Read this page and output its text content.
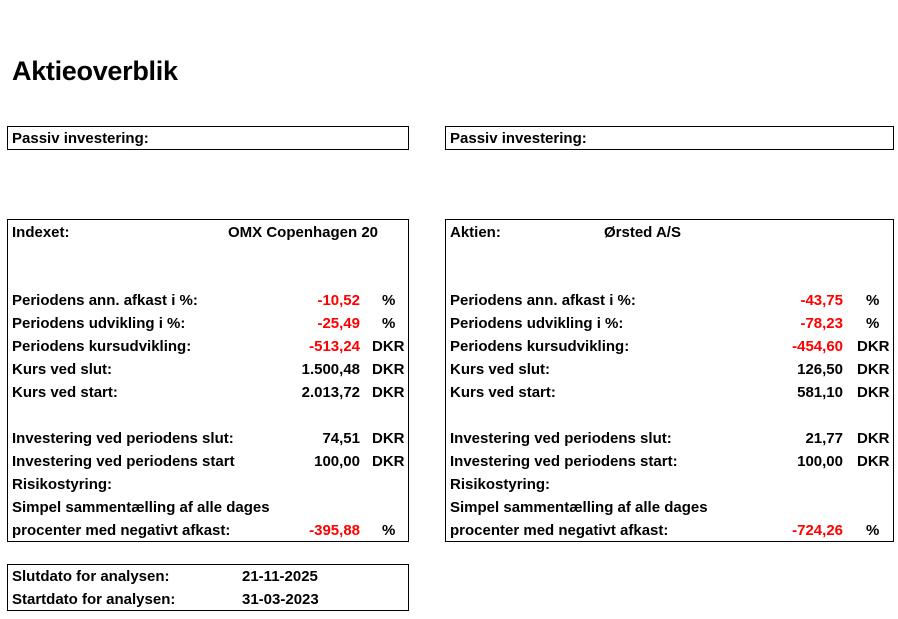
Aktieoverblik
Passiv investering:	Passiv investering:
Indexet:	OMX Copenhagen 20
Periodens ann. afkast i %:	-10,52 %
Periodens udvikling i %:	-25,49 %
Periodens kursudvikling:	-513,24 DKR
Kurs ved slut:	1.500,48 DKR
Kurs ved start:	2.013,72 DKR
Investering ved periodens slut:	74,51 DKR
Investering ved periodens start	100,00 DKR
Risikostyring:
Simpel sammentælling af alle dages
procenter med negativt afkast:	-395,88 %
Aktien:	Ørsted A/S
Periodens ann. afkast i %:	-43,75 %
Periodens udvikling i %:	-78,23 %
Periodens kursudvikling:	-454,60 DKR
Kurs ved slut:	126,50 DKR
Kurs ved start:	581,10 DKR
Investering ved periodens slut:	21,77 DKR
Investering ved periodens start:	100,00 DKR
Risikostyring:
Simpel sammentælling af alle dages
procenter med negativt afkast:	-724,26 %
Slutdato for analysen:	21-11-2025
Startdato for analysen:	31-03-2023
